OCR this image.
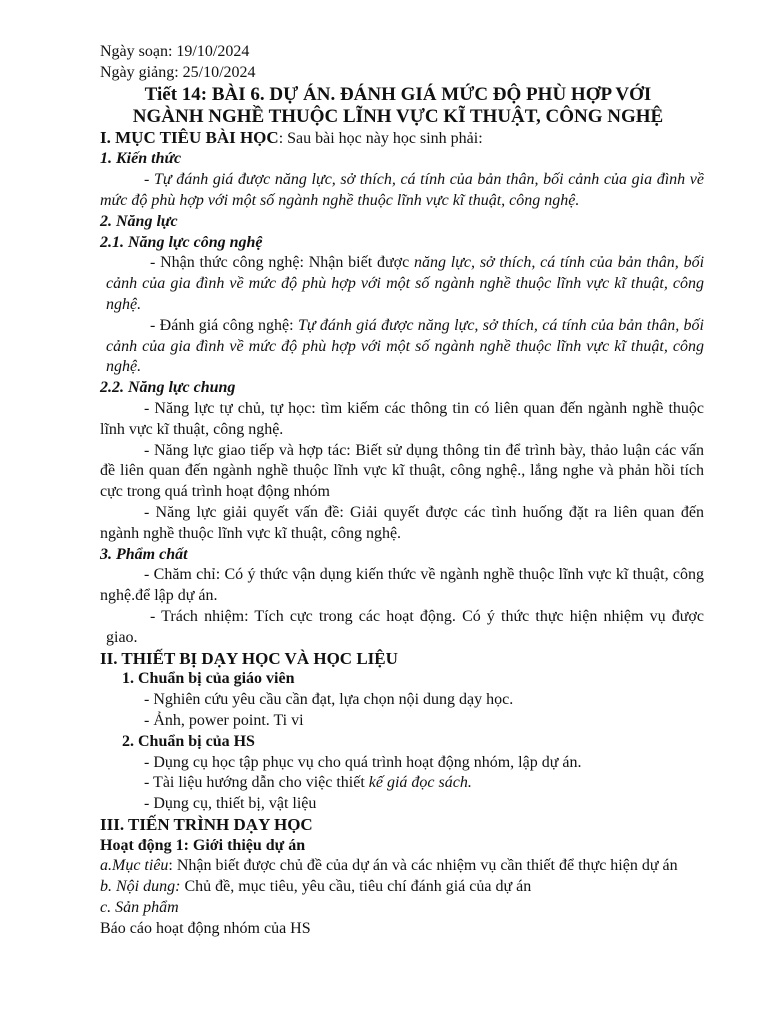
Ngày soạn: 19/10/2024

Ngày giảng: 25/10/2024

Tiết 14: BÀI 6. DỰ ÁN. ĐÁNH GIÁ MỨC ĐỘ PHÙ HỢP VỚI

NGÀNH NGHỀ THUỘC LĨNH VỰC KĨ THUẬT, CÔNG NGHỆ

I. MỤC TIÊU BÀI HỌC: Sau bài học này học sinh phải:

1. Kiến thức

- Tự đánh giá được năng lực, sở thích, cá tính của bản thân, bối cảnh của gia đình về mức độ phù hợp với một số ngành nghề thuộc lĩnh vực kĩ thuật, công nghệ.

2. Năng lực

2.1. Năng lực công nghệ

- Nhận thức công nghệ: Nhận biết được năng lực, sở thích, cá tính của bản thân, bối cảnh của gia đình về mức độ phù hợp với một số ngành nghề thuộc lĩnh vực kĩ thuật, công nghệ.

- Đánh giá công nghệ: Tự đánh giá được năng lực, sở thích, cá tính của bản thân, bối cảnh của gia đình về mức độ phù hợp với một số ngành nghề thuộc lĩnh vực kĩ thuật, công nghệ.

2.2. Năng lực chung

- Năng lực tự chủ, tự học: tìm kiếm các thông tin có liên quan đến ngành nghề thuộc lĩnh vực kĩ thuật, công nghệ.

- Năng lực giao tiếp và hợp tác: Biết sử dụng thông tin để trình bày, thảo luận các vấn đề liên quan đến ngành nghề thuộc lĩnh vực kĩ thuật, công nghệ., lắng nghe và phản hồi tích cực trong quá trình hoạt động nhóm

- Năng lực giải quyết vấn đề: Giải quyết được các tình huống đặt ra liên quan đến ngành nghề thuộc lĩnh vực kĩ thuật, công nghệ.

3. Phẩm chất

- Chăm chỉ: Có ý thức vận dụng kiến thức về ngành nghề thuộc lĩnh vực kĩ thuật, công nghệ.để lập dự án.

- Trách nhiệm: Tích cực trong các hoạt động. Có ý thức thực hiện nhiệm vụ được giao.

II. THIẾT BỊ DẠY HỌC VÀ HỌC LIỆU

1. Chuẩn bị của giáo viên

- Nghiên cứu yêu cầu cần đạt, lựa chọn nội dung dạy học.

- Ảnh, power point. Ti vi

2. Chuẩn bị của HS

- Dụng cụ học tập phục vụ cho quá trình hoạt động nhóm, lập dự án.

- Tài liệu hướng dẫn cho việc thiết kế giá đọc sách.

- Dụng cụ, thiết bị, vật liệu

III. TIẾN TRÌNH DẠY HỌC

Hoạt động 1: Giới thiệu dự án

a.Mục tiêu: Nhận biết được chủ đề của dự án và các nhiệm vụ cần thiết để thực hiện dự án

b. Nội dung: Chủ đề, mục tiêu, yêu cầu, tiêu chí đánh giá của dự án

c. Sản phẩm

Báo cáo hoạt động nhóm của HS
